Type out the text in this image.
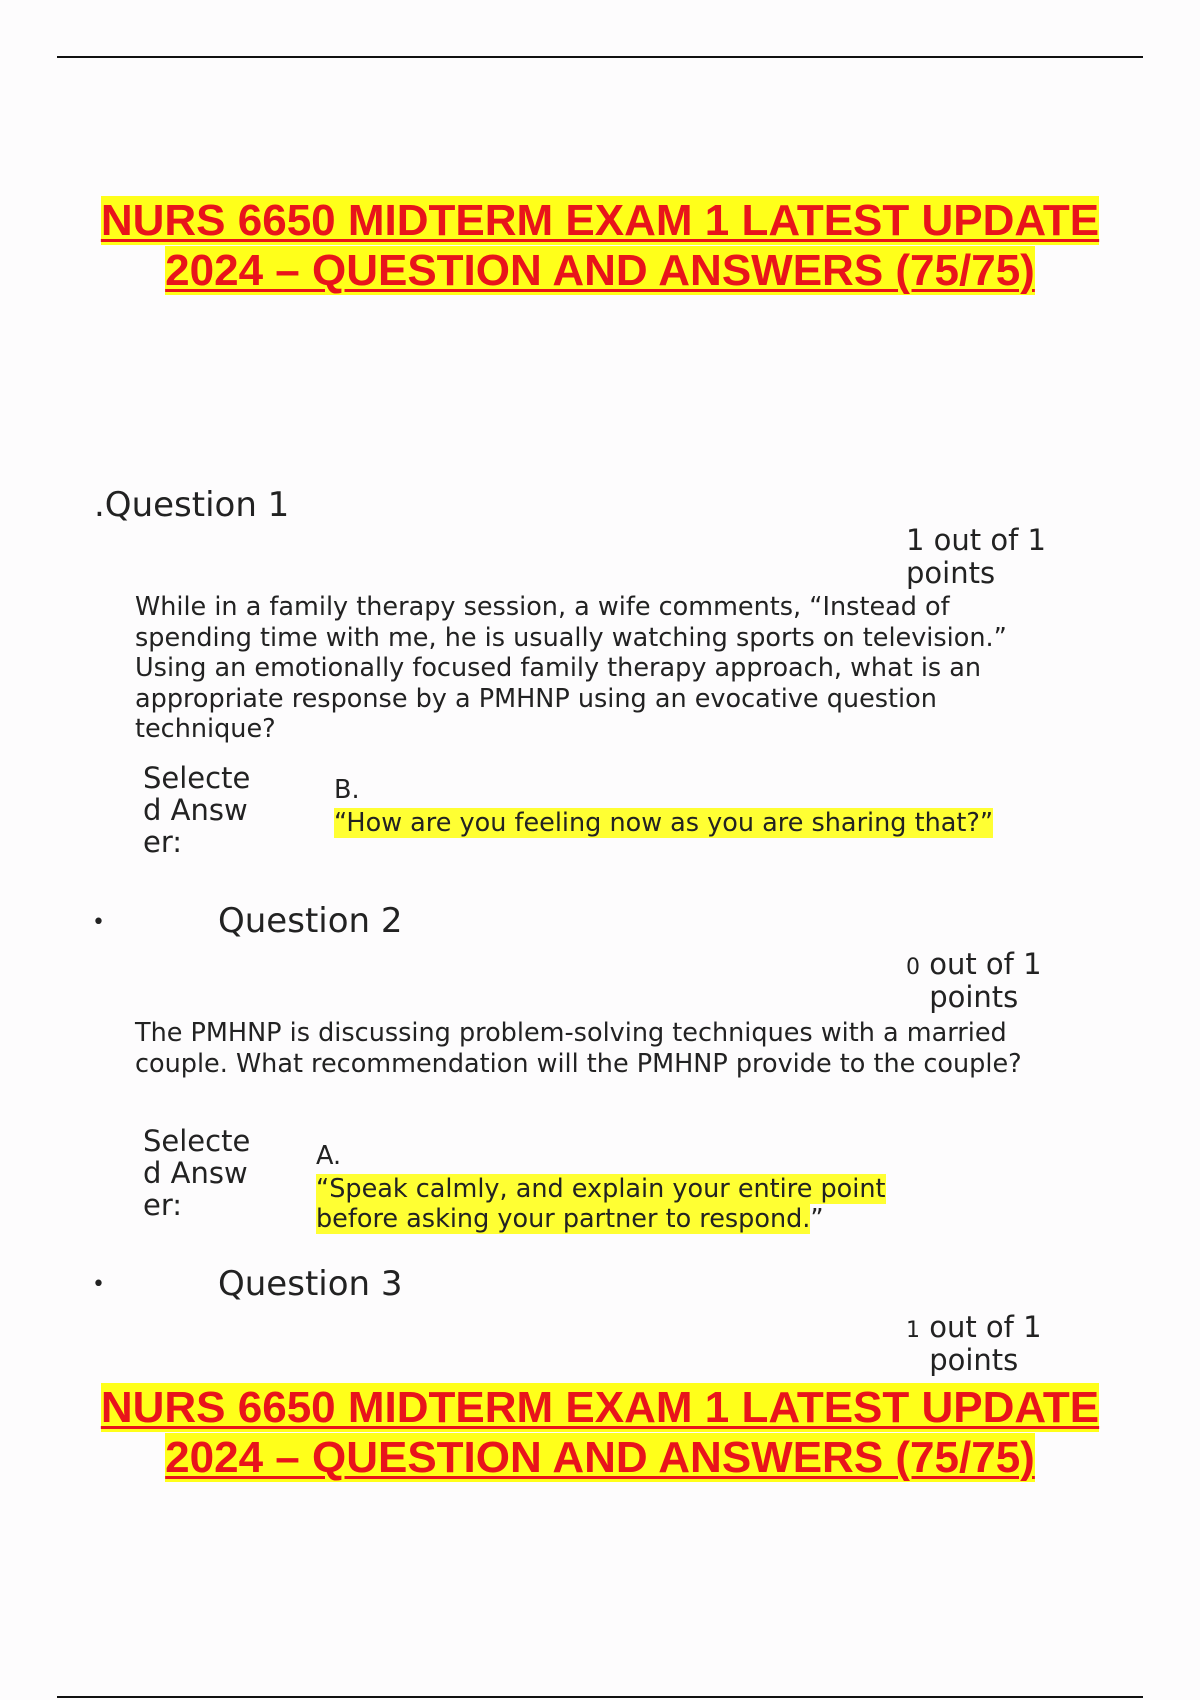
NURS 6650 MIDTERM EXAM 1 LATEST UPDATE
2024 – QUESTION AND ANSWERS (75/75)
.Question 1
1 out of 1
points
While in a family therapy session, a wife comments, “Instead of spending time with me, he is usually watching sports on television.” Using an emotionally focused family therapy approach, what is an appropriate response by a PMHNP using an evocative question technique?
Selected Answer:
B.
“How are you feeling now as you are sharing that?”
•	Question 2
0 out of 1
points
The PMHNP is discussing problem-solving techniques with a married couple. What recommendation will the PMHNP provide to the couple?
Selected Answer:
A.
“Speak calmly, and explain your entire point before asking your partner to respond.”
•	Question 3
1 out of 1
points
NURS 6650 MIDTERM EXAM 1 LATEST UPDATE
2024 – QUESTION AND ANSWERS (75/75)
